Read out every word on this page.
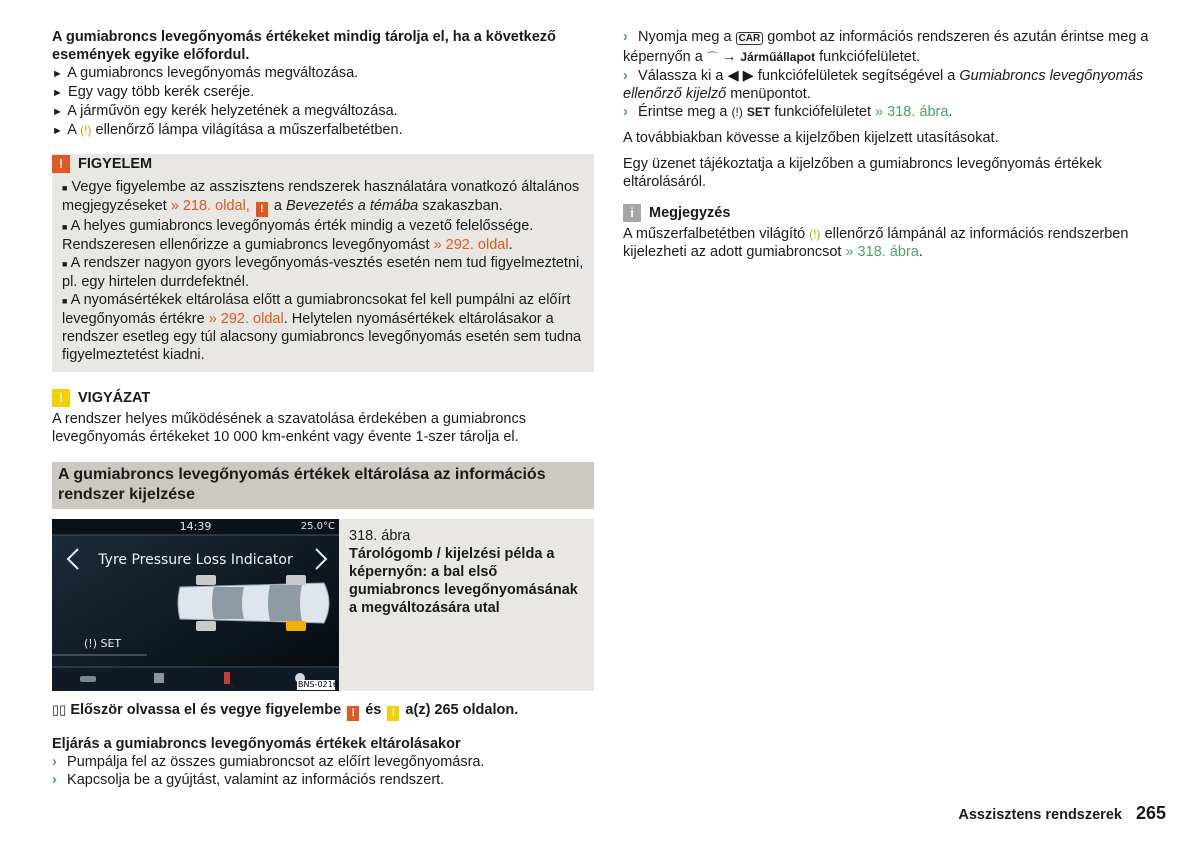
A gumiabroncs levegőnyomás értékeket mindig tárolja el, ha a következő események egyike előfordul.

► A gumiabroncs levegőnyomás megváltozása.

► Egy vagy több kerék cseréje.

► A járművön egy kerék helyzetének a megváltozása.

► A (!) ellenőrző lámpa világítása a műszerfalbetétben.

!	FIGYELEM

■ Vegye figyelembe az asszisztens rendszerek használatára vonatkozó általános megjegyzéseket » 218. oldal, ! a Bevezetés a témába szakaszban.

■ A helyes gumiabroncs levegőnyomás érték mindig a vezető felelőssége. Rendszeresen ellenőrizze a gumiabroncs levegőnyomást » 292. oldal.

■ A rendszer nagyon gyors levegőnyomás-vesztés esetén nem tud figyelmeztetni, pl. egy hirtelen durrdefektnél.

■ A nyomásértékek eltárolása előtt a gumiabroncsokat fel kell pumpálni az előírt levegőnyomás értékre » 292. oldal. Helytelen nyomásértékek eltárolásakor a rendszer esetleg egy túl alacsony gumiabroncs levegőnyomás esetén sem tudna figyelmeztetést kiadni.

!	VIGYÁZAT

A rendszer helyes működésének a szavatolása érdekében a gumiabroncs levegőnyomás értékeket 10 000 km-enként vagy évente 1-szer tárolja el.

A gumiabroncs levegőnyomás értékek eltárolása az információs rendszer kijelzése
14:39	25.0°C
Tyre Pressure Loss Indicator
(!) SET
BNS-0216

318. ábra

Tárológomb / kijelzési példa a képernyőn: a bal első gumiabroncs levegőnyomásának a megváltozására utal

▯▯ Először olvassa el és vegye figyelembe ! és ! a(z) 265 oldalon.

Eljárás a gumiabroncs levegőnyomás értékek eltárolásakor

› Pumpálja fel az összes gumiabroncsot az előírt levegőnyomásra.

› Kapcsolja be a gyújtást, valamint az információs rendszert.

› Nyomja meg a CAR gombot az információs rendszeren és azután érintse meg a képernyőn a ⌒ → Járműállapot funkciófelületet.

› Válassza ki a ◀ ▶ funkciófelületek segítségével a Gumiabroncs levegőnyomás ellenőrző kijelző menüpontot.

› Érintse meg a (!) SET funkciófelületet » 318. ábra.

A továbbiakban kövesse a kijelzőben kijelzett utasításokat.

Egy üzenet tájékoztatja a kijelzőben a gumiabroncs levegőnyomás értékek eltárolásáról.

i	Megjegyzés

A műszerfalbetétben világító (!) ellenőrző lámpánál az információs rendszerben kijelezheti az adott gumiabroncsot » 318. ábra.

Asszisztens rendszerek 265
